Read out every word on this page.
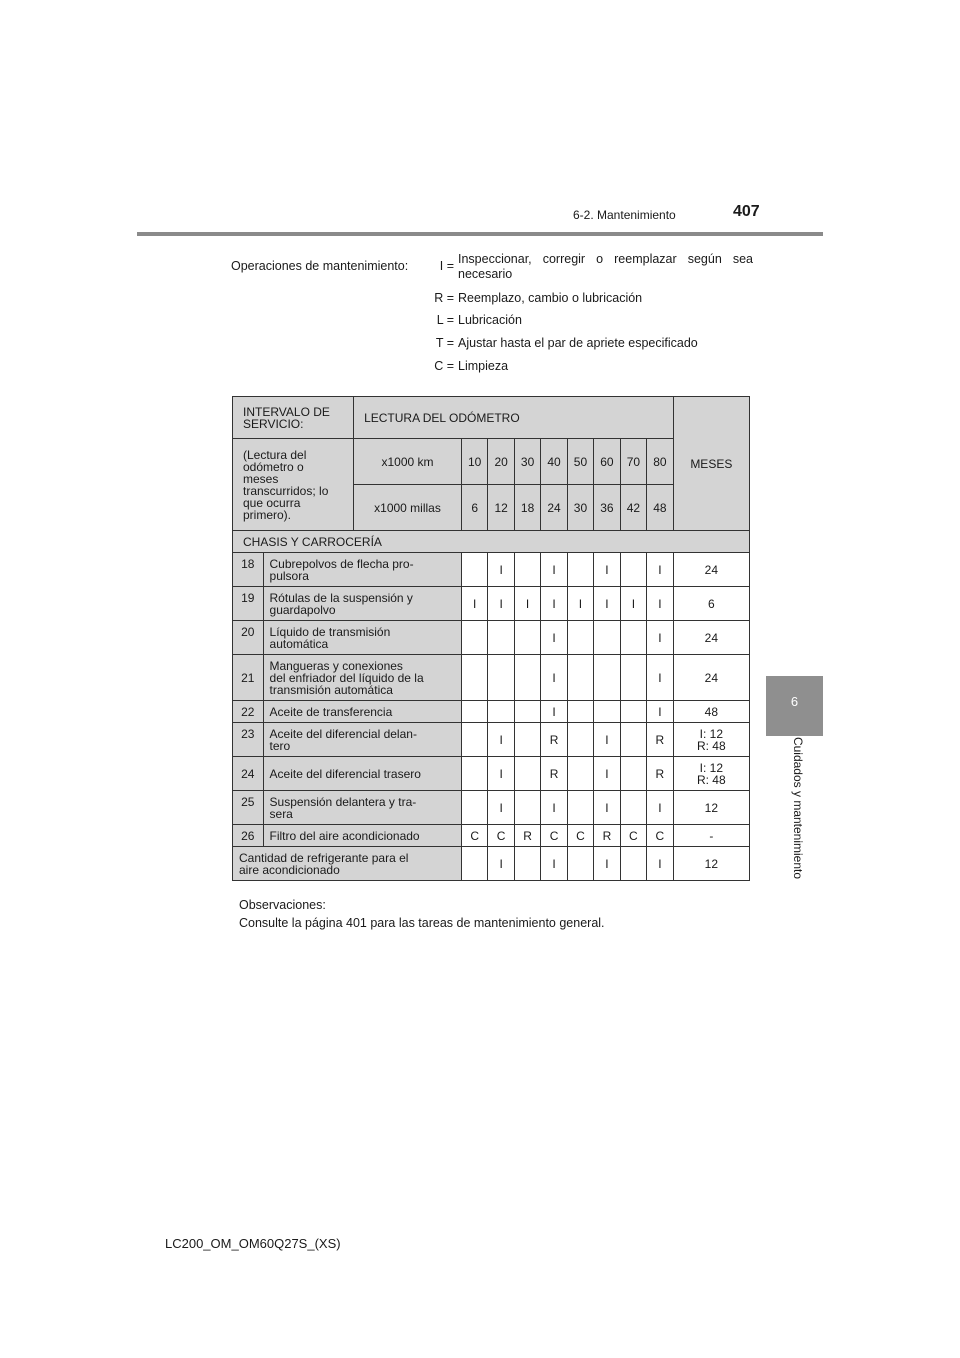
6-2. Mantenimiento	407
6
Cuidados y mantenimiento
Operaciones de mantenimiento:	I = Inspeccionar, corregir o reemplazar según sea necesario
R = Reemplazo, cambio o lubricación
L = Lubricación
T = Ajustar hasta el par de apriete especificado
C = Limpieza
INTERVALO DE SERVICIO:		LECTURA DEL ODÓMETRO									MESES
(Lectura del odómetro o meses transcurridos; lo que ocurra primero).		x1000 km	10	20	30	40	50	60	70	80	
		x1000 millas	6	12	18	24	30	36	42	48	
CHASIS Y CARROCERÍA											
18	Cubrepolvos de flecha pro-
pulsora			I		I		I		I	24
19	Rótulas de la suspensión y
guardapolvo		I	I	I	I	I	I	I	I	6
20	Líquido de transmisión
automática					I				I	24
21	Mangueras y conexiones
del enfriador del líquido de la
transmisión automática					I				I	24
22	Aceite de transferencia					I				I	48
23	Aceite del diferencial delan-
tero			I		R		I		R	I: 12
R: 48
24	Aceite del diferencial trasero			I		R		I		R	I: 12
R: 48
25	Suspensión delantera y tra-
sera			I		I		I		I	12
26	Filtro del aire acondicionado		C	C	R	C	C	R	C	C	-
Cantidad de refrigerante para el
aire acondicionado				I		I		I		I	12
Observaciones:
Consulte la página 401 para las tareas de mantenimiento general.
LC200_OM_OM60Q27S_(XS)
